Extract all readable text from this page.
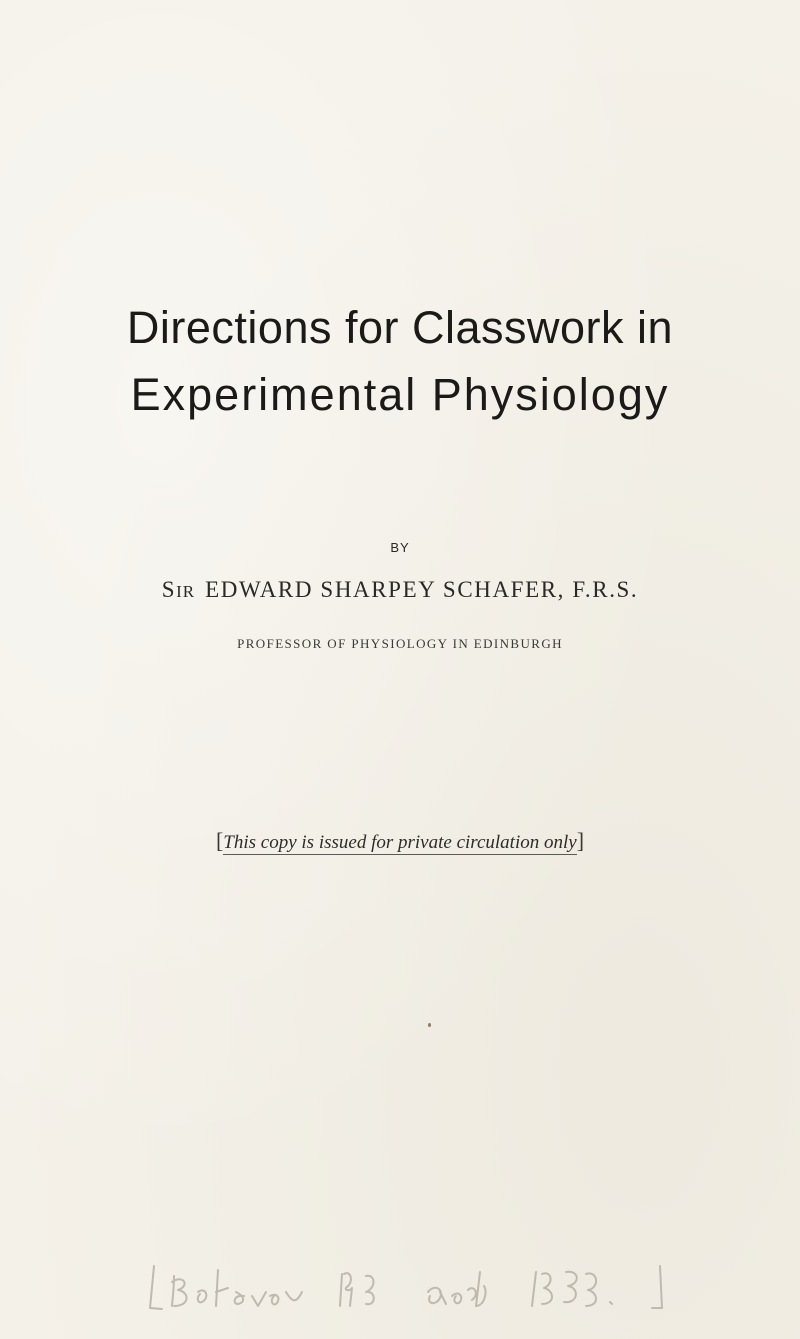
Directions for Classwork in
Experimental Physiology
BY
SIR EDWARD SHARPEY SCHAFER, F.R.S.
PROFESSOR OF PHYSIOLOGY IN EDINBURGH
[This copy is issued for private circulation only]
